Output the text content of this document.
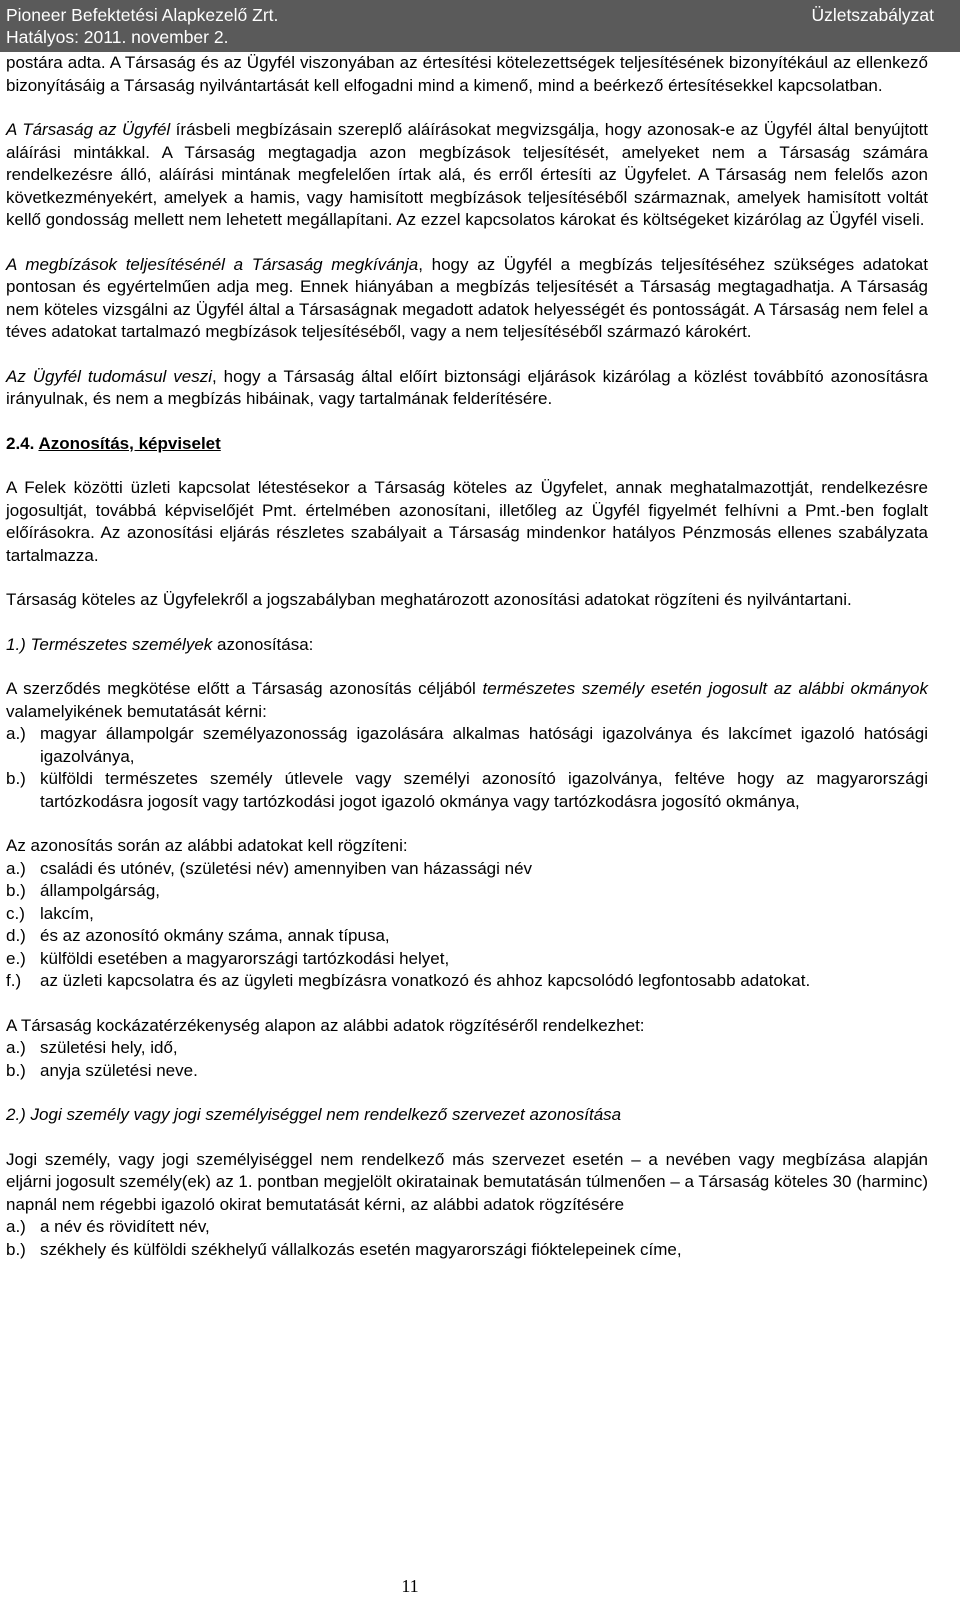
Pioneer Befektetési Alapkezelő Zrt.
Hatályos: 2011. november 2.
Üzletszabályzat

postára adta. A Társaság és az Ügyfél viszonyában az értesítési kötelezettségek teljesítésének bizonyítékául az ellenkező bizonyításáig a Társaság nyilvántartását kell elfogadni mind a kimenő, mind a beérkező értesítésekkel kapcsolatban.

A Társaság az Ügyfél írásbeli megbízásain szereplő aláírásokat megvizsgálja, hogy azonosak-e az Ügyfél által benyújtott aláírási mintákkal. A Társaság megtagadja azon megbízások teljesítését, amelyeket nem a Társaság számára rendelkezésre álló, aláírási mintának megfelelően írtak alá, és erről értesíti az Ügyfelet. A Társaság nem felelős azon következményekért, amelyek a hamis, vagy hamisított megbízások teljesítéséből származnak, amelyek hamisított voltát kellő gondosság mellett nem lehetett megállapítani. Az ezzel kapcsolatos károkat és költségeket kizárólag az Ügyfél viseli.

A megbízások teljesítésénél a Társaság megkívánja, hogy az Ügyfél a megbízás teljesítéséhez szükséges adatokat pontosan és egyértelműen adja meg. Ennek hiányában a megbízás teljesítését a Társaság megtagadhatja. A Társaság nem köteles vizsgálni az Ügyfél által a Társaságnak megadott adatok helyességét és pontosságát. A Társaság nem felel a téves adatokat tartalmazó megbízások teljesítéséből, vagy a nem teljesítéséből származó károkért.

Az Ügyfél tudomásul veszi, hogy a Társaság által előírt biztonsági eljárások kizárólag a közlést továbbító azonosításra irányulnak, és nem a megbízás hibáinak, vagy tartalmának felderítésére.

2.4. Azonosítás, képviselet

A Felek közötti üzleti kapcsolat létestésekor a Társaság köteles az Ügyfelet, annak meghatalmazottját, rendelkezésre jogosultját, továbbá képviselőjét Pmt. értelmében azonosítani, illetőleg az Ügyfél figyelmét felhívni a Pmt.-ben foglalt előírásokra. Az azonosítási eljárás részletes szabályait a Társaság mindenkor hatályos Pénzmosás ellenes szabályzata tartalmazza.

Társaság köteles az Ügyfelekről a jogszabályban meghatározott azonosítási adatokat rögzíteni és nyilvántartani.

1.) Természetes személyek azonosítása:

A szerződés megkötése előtt a Társaság azonosítás céljából természetes személy esetén jogosult az alábbi okmányok valamelyikének bemutatását kérni:

a.) magyar állampolgár személyazonosság igazolására alkalmas hatósági igazolványa és lakcímet igazoló hatósági igazolványa,
b.) külföldi természetes személy útlevele vagy személyi azonosító igazolványa, feltéve hogy az magyarországi tartózkodásra jogosít vagy tartózkodási jogot igazoló okmánya vagy tartózkodásra jogosító okmánya,

Az azonosítás során az alábbi adatokat kell rögzíteni:

a.) családi és utónév, (születési név) amennyiben van házassági név
b.) állampolgárság,
c.) lakcím,
d.) és az azonosító okmány száma, annak típusa,
e.) külföldi esetében a magyarországi tartózkodási helyet,
f.) az üzleti kapcsolatra és az ügyleti megbízásra vonatkozó és ahhoz kapcsolódó legfontosabb adatokat.

A Társaság kockázatérzékenység alapon az alábbi adatok rögzítéséről rendelkezhet:

a.) születési hely, idő,
b.) anyja születési neve.

2.) Jogi személy vagy jogi személyiséggel nem rendelkező szervezet azonosítása

Jogi személy, vagy jogi személyiséggel nem rendelkező más szervezet esetén – a nevében vagy megbízása alapján eljárni jogosult személy(ek) az 1. pontban megjelölt okiratainak bemutatásán túlmenően – a Társaság köteles 30 (harminc) napnál nem régebbi igazoló okirat bemutatását kérni, az alábbi adatok rögzítésére

a.) a név és rövidített név,
b.) székhely és külföldi székhelyű vállalkozás esetén magyarországi fióktelepeinek címe,
11
